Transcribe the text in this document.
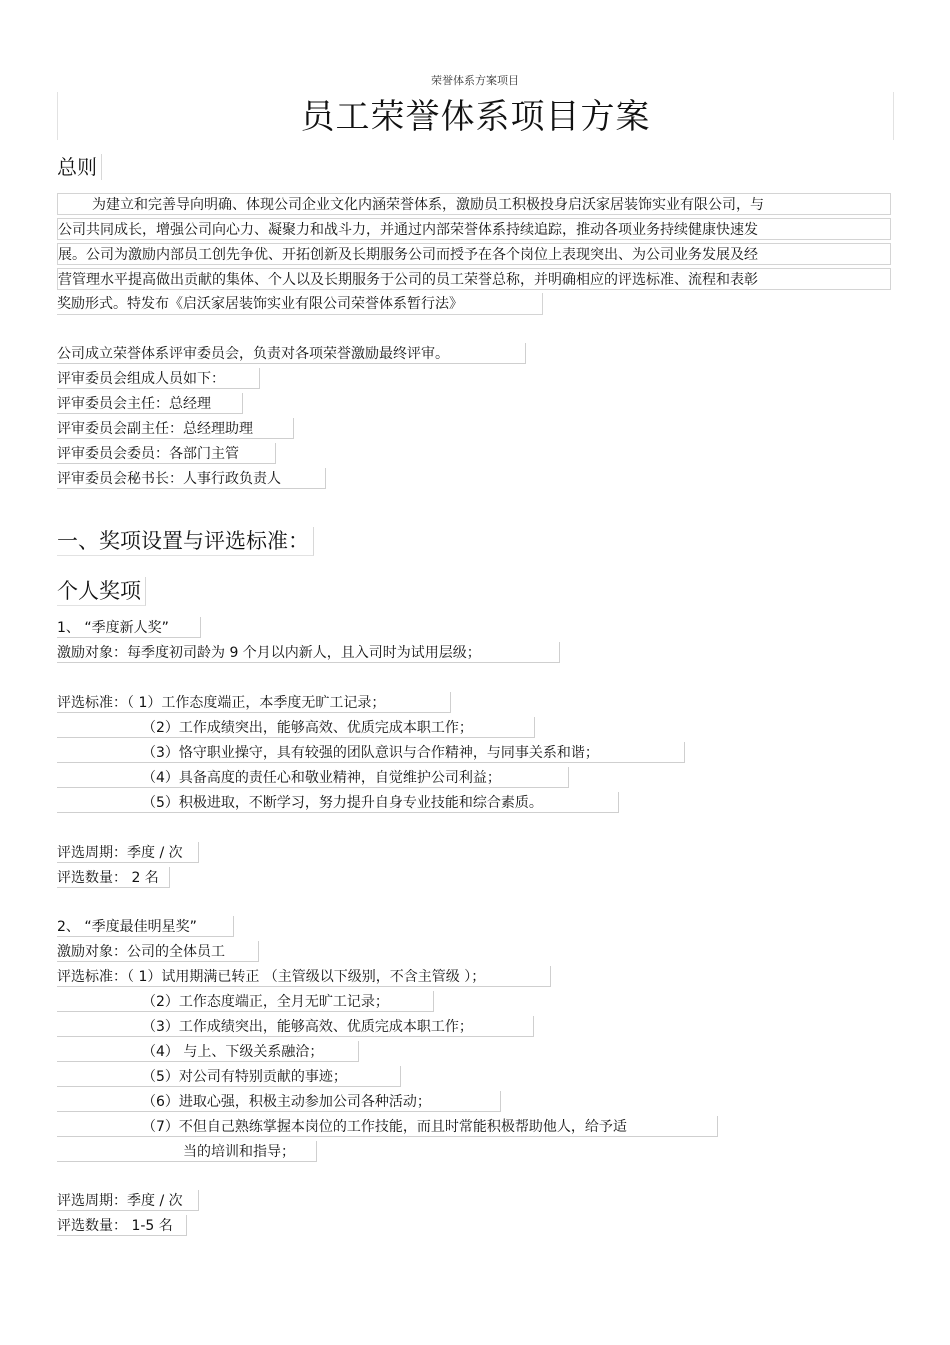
荣誉体系方案项目
员工荣誉体系项目方案
总则
为建立和完善导向明确、体现公司企业文化内涵荣誉体系，激励员工积极投身启沃家居装饰实业有限公司，与
公司共同成长，增强公司向心力、凝聚力和战斗力，并通过内部荣誉体系持续追踪，推动各项业务持续健康快速发
展。公司为激励内部员工创先争优、开拓创新及长期服务公司而授予在各个岗位上表现突出、为公司业务发展及经
营管理水平提高做出贡献的集体、个人以及长期服务于公司的员工荣誉总称，并明确相应的评选标准、流程和表彰
奖励形式。特发布《启沃家居装饰实业有限公司荣誉体系暂行法》
公司成立荣誉体系评审委员会，负责对各项荣誉激励最终评审。
评审委员会组成人员如下：
评审委员会主任：总经理
评审委员会副主任：总经理助理
评审委员会委员：各部门主管
评审委员会秘书长：人事行政负责人
一、奖项设置与评选标准：
个人奖项
1、 “季度新人奖”
激励对象：每季度初司龄为 9 个月以内新人，且入司时为试用层级；
评选标准：（ 1）工作态度端正，本季度无旷工记录；
（2）工作成绩突出，能够高效、优质完成本职工作；
（3）恪守职业操守，具有较强的团队意识与合作精神，与同事关系和谐；
（4）具备高度的责任心和敬业精神，自觉维护公司利益；
（5）积极进取，不断学习，努力提升自身专业技能和综合素质。
评选周期：季度 / 次
评选数量： 2 名
2、 “季度最佳明星奖”
激励对象：公司的全体员工
评选标准：（ 1）试用期满已转正 （主管级以下级别，不含主管级 ）；
（2）工作态度端正，全月无旷工记录；
（3）工作成绩突出，能够高效、优质完成本职工作；
（4） 与上、下级关系融洽；
（5）对公司有特别贡献的事迹；
（6）进取心强，积极主动参加公司各种活动；
（7）不但自己熟练掌握本岗位的工作技能，而且时常能积极帮助他人，给予适
当的培训和指导；
评选周期：季度 / 次
评选数量： 1-5 名
